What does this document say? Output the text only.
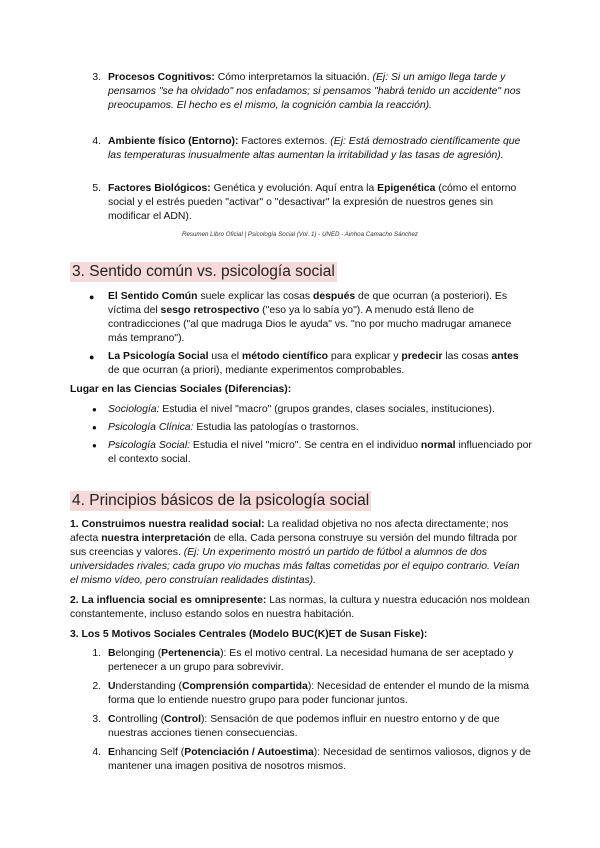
3. Procesos Cognitivos: Cómo interpretamos la situación. (Ej: Si un amigo llega tarde y pensamos "se ha olvidado" nos enfadamos; si pensamos "habrá tenido un accidente" nos preocupamos. El hecho es el mismo, la cognición cambia la reacción).
4. Ambiente físico (Entorno): Factores externos. (Ej: Está demostrado científicamente que las temperaturas inusualmente altas aumentan la irritabilidad y las tasas de agresión).
5. Factores Biológicos: Genética y evolución. Aquí entra la Epigenética (cómo el entorno social y el estrés pueden "activar" o "desactivar" la expresión de nuestros genes sin modificar el ADN).
Resumen Libro Oficial | Psicología Social (Vol. 1) - UNED - Ainhoa Camacho Sánchez
3. Sentido común vs. psicología social
● El Sentido Común suele explicar las cosas después de que ocurran (a posteriori). Es víctima del sesgo retrospectivo ("eso ya lo sabía yo"). A menudo está lleno de contradicciones ("al que madruga Dios le ayuda" vs. "no por mucho madrugar amanece más temprano").
● La Psicología Social usa el método científico para explicar y predecir las cosas antes de que ocurran (a priori), mediante experimentos comprobables.
Lugar en las Ciencias Sociales (Diferencias):
● Sociología: Estudia el nivel "macro" (grupos grandes, clases sociales, instituciones).
● Psicología Clínica: Estudia las patologías o trastornos.
● Psicología Social: Estudia el nivel "micro". Se centra en el individuo normal influenciado por el contexto social.
4. Principios básicos de la psicología social
1. Construimos nuestra realidad social: La realidad objetiva no nos afecta directamente; nos afecta nuestra interpretación de ella. Cada persona construye su versión del mundo filtrada por sus creencias y valores. (Ej: Un experimento mostró un partido de fútbol a alumnos de dos universidades rivales; cada grupo vio muchas más faltas cometidas por el equipo contrario. Veían el mismo vídeo, pero construían realidades distintas).
2. La influencia social es omnipresente: Las normas, la cultura y nuestra educación nos moldean constantemente, incluso estando solos en nuestra habitación.
3. Los 5 Motivos Sociales Centrales (Modelo BUC(K)ET de Susan Fiske):
1. Belonging (Pertenencia): Es el motivo central. La necesidad humana de ser aceptado y pertenecer a un grupo para sobrevivir.
2. Understanding (Comprensión compartida): Necesidad de entender el mundo de la misma forma que lo entiende nuestro grupo para poder funcionar juntos.
3. Controlling (Control): Sensación de que podemos influir en nuestro entorno y de que nuestras acciones tienen consecuencias.
4. Enhancing Self (Potenciación / Autoestima): Necesidad de sentirnos valiosos, dignos y de mantener una imagen positiva de nosotros mismos.
